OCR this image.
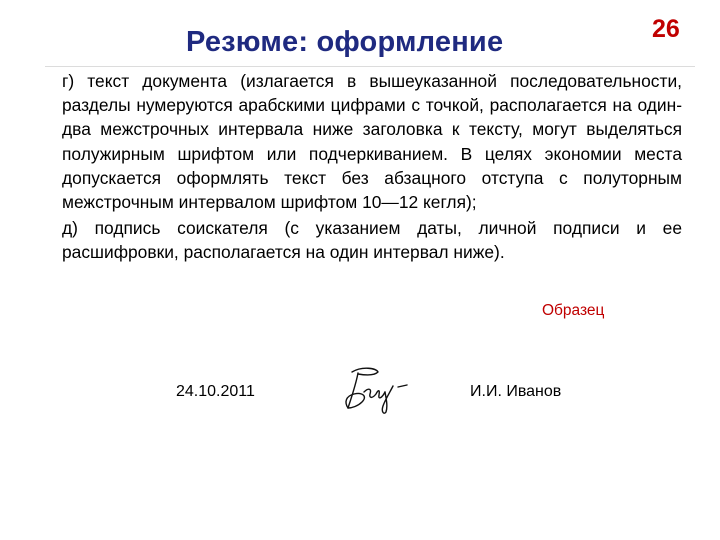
Резюме: оформление	26

г) текст документа (излагается в вышеуказанной последовательности, разделы нумеруются арабскими цифрами с точкой, располагается на один-два межстрочных интервала ниже заголовка к тексту, могут выделяться полужирным шрифтом или подчеркиванием. В целях экономии места допускается оформлять текст без абзацного отступа с полуторным межстрочным интервалом шрифтом 10—12 кегля);

д) подпись соискателя (с указанием даты, личной подписи и ее расшифровки, располагается на один интервал ниже).

Образец
24.10.2011	И.И. Иванов
